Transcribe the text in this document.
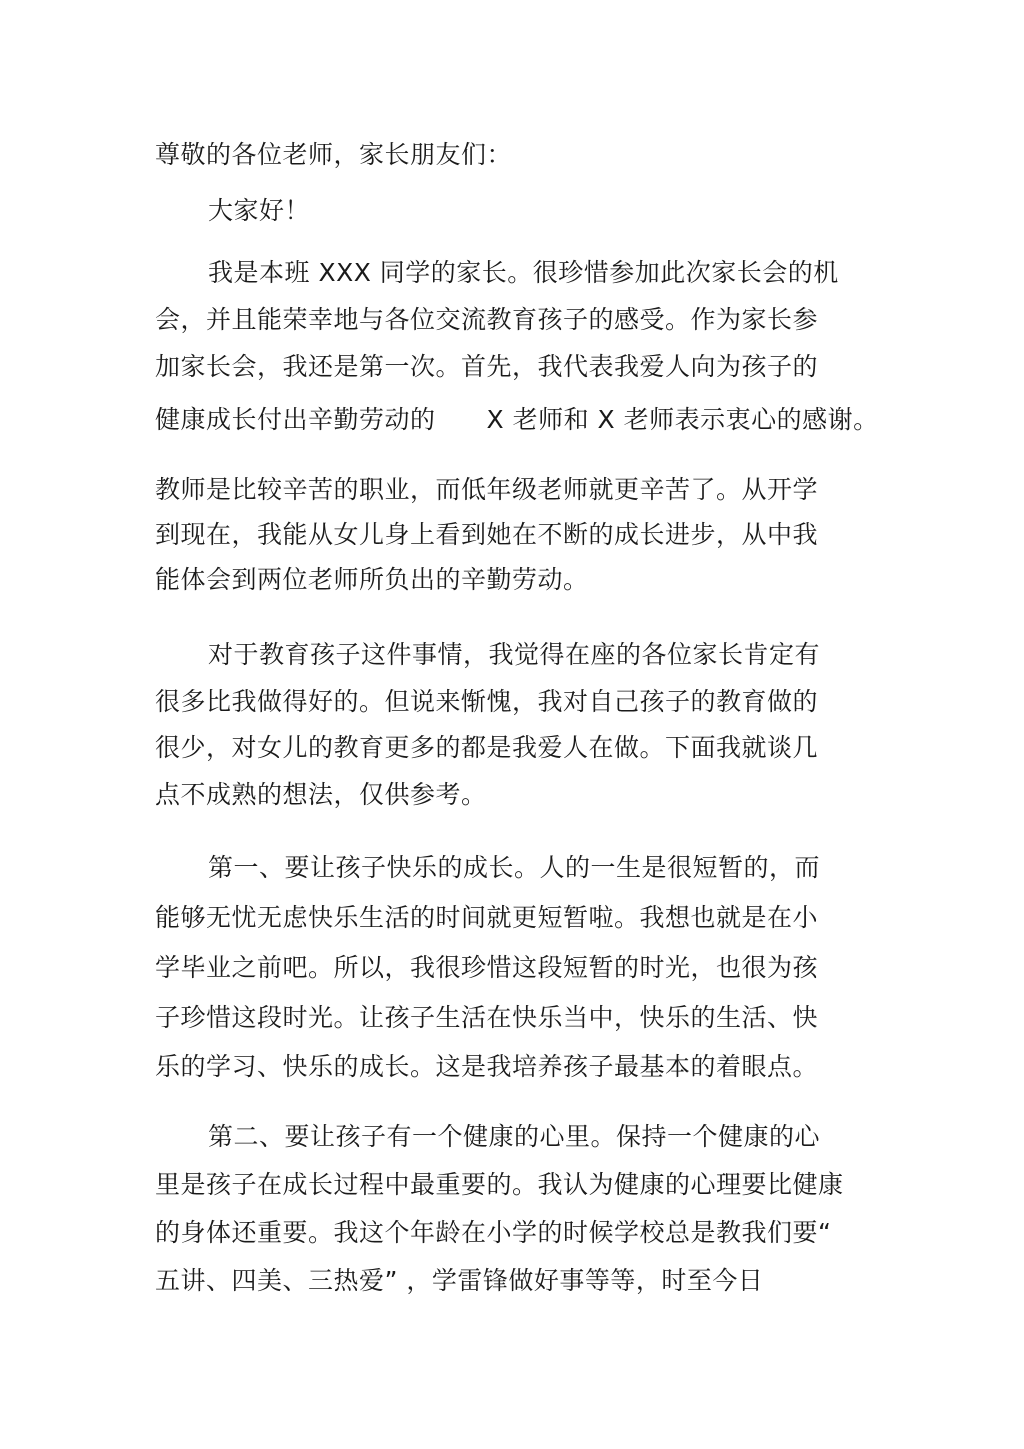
尊敬的各位老师，家长朋友们：
大家好！
我是本班 XXX 同学的家长。很珍惜参加此次家长会的机
会，并且能荣幸地与各位交流教育孩子的感受。作为家长参
加家长会，我还是第一次。首先，我代表我爱人向为孩子的
健康成长付出辛勤劳动的　　X 老师和 X 老师表示衷心的感谢。
教师是比较辛苦的职业，而低年级老师就更辛苦了。从开学
到现在，我能从女儿身上看到她在不断的成长进步，从中我
能体会到两位老师所负出的辛勤劳动。
对于教育孩子这件事情，我觉得在座的各位家长肯定有
很多比我做得好的。但说来惭愧，我对自己孩子的教育做的
很少，对女儿的教育更多的都是我爱人在做。下面我就谈几
点不成熟的想法，仅供参考。
第一、要让孩子快乐的成长。人的一生是很短暂的，而
能够无忧无虑快乐生活的时间就更短暂啦。我想也就是在小
学毕业之前吧。所以，我很珍惜这段短暂的时光，也很为孩
子珍惜这段时光。让孩子生活在快乐当中，快乐的生活、快
乐的学习、快乐的成长。这是我培养孩子最基本的着眼点。
第二、要让孩子有一个健康的心里。保持一个健康的心
里是孩子在成长过程中最重要的。我认为健康的心理要比健康
的身体还重要。我这个年龄在小学的时候学校总是教我们要“
五讲、四美、三热爱” ，学雷锋做好事等等，时至今日
